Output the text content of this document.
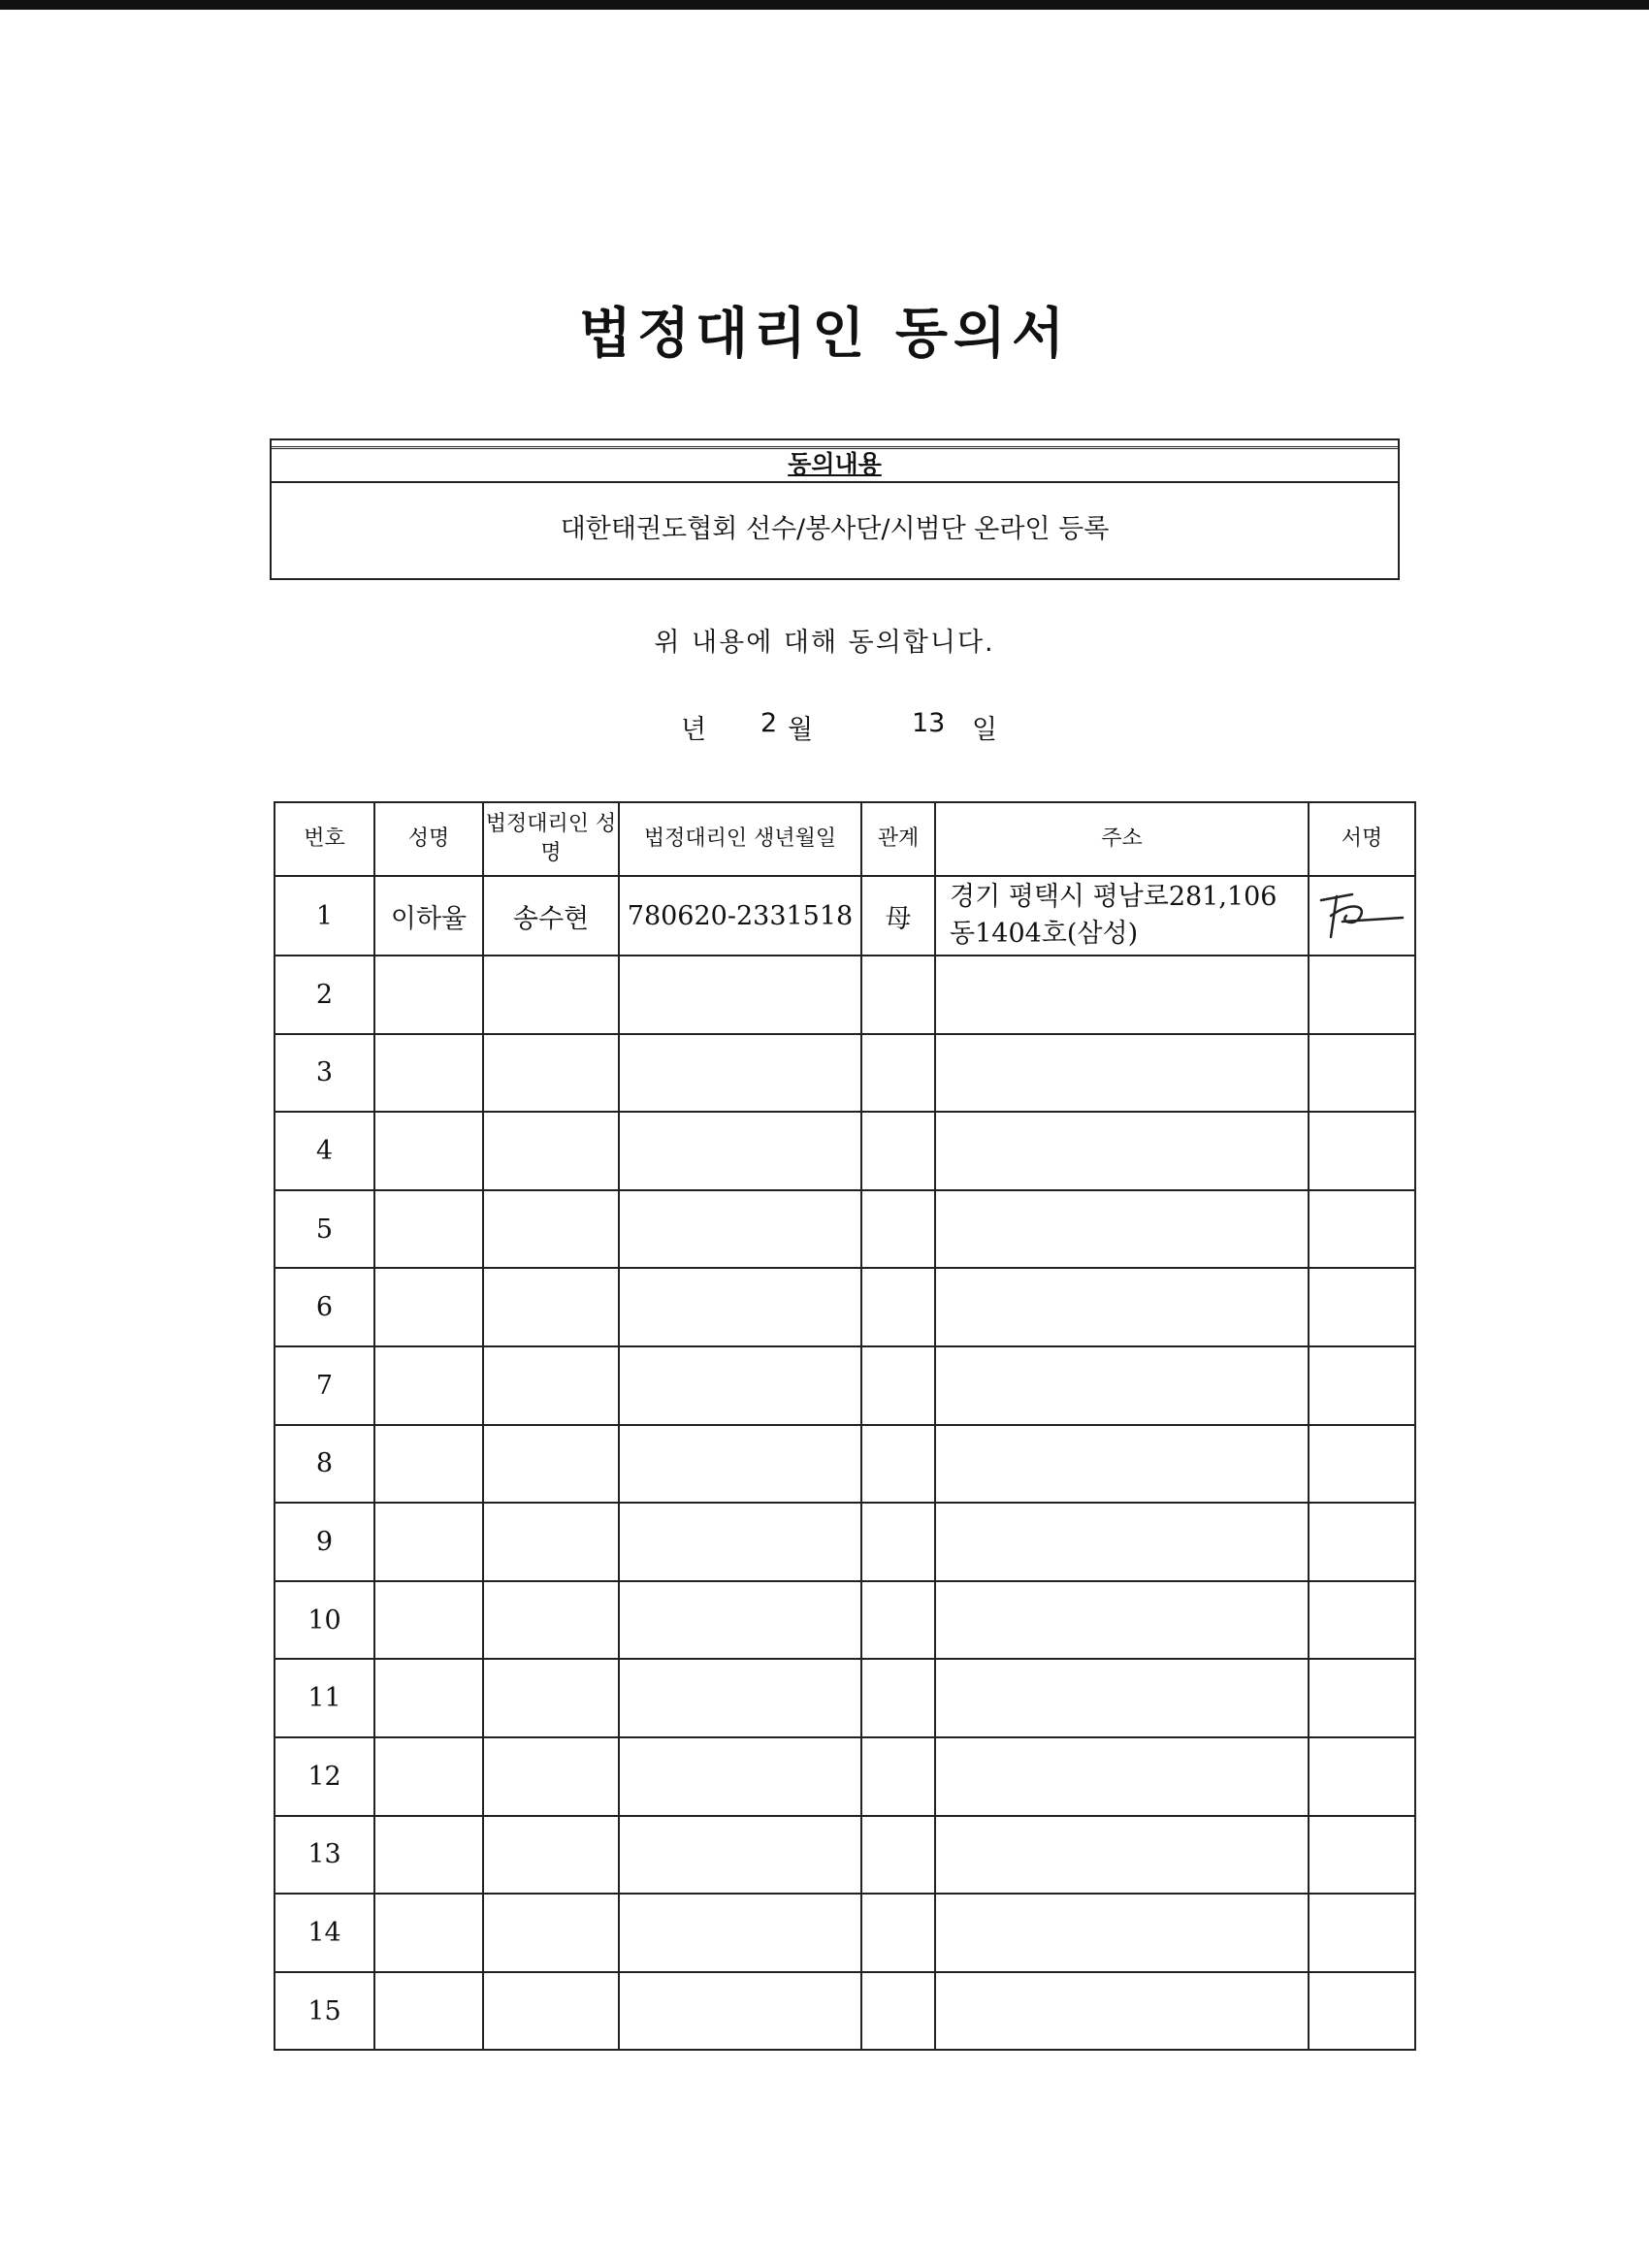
법정대리인 동의서
동의내용
대한태권도협회 선수/봉사단/시범단 온라인 등록
위 내용에 대해 동의합니다.
년 2 월	13 일
번호	성명	법정대리인 성명	법정대리인 생년월일	관계	주소	서명
1	이하율	송수현	780620-2331518	母	경기 평택시 평남로281,106 동1404호(삼성)	

2						
3						
4						
5						
6						
7						
8						
9						
10						
11						
12						
13						
14						
15						
